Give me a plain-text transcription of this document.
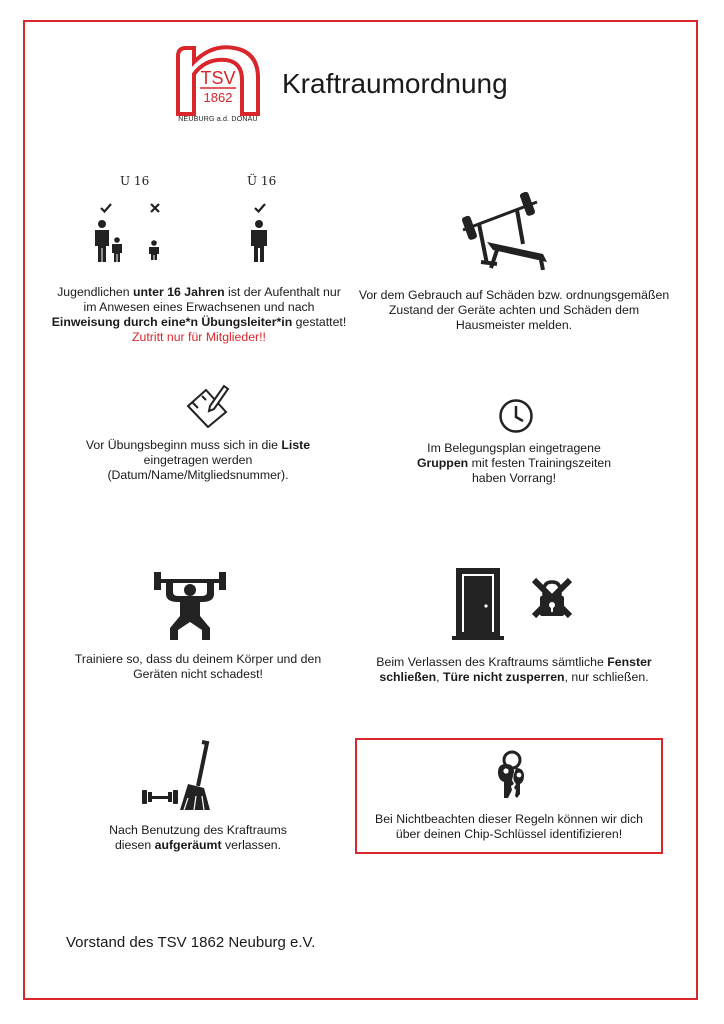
TSV
1862
NEUBURG a.d. DONAU
Kraftraumordnung
U 16	Ü 16
Jugendlichen unter 16 Jahren ist der Aufenthalt nur
im Anwesen eines Erwachsenen und nach
Einweisung durch eine*n Übungsleiter*in gestattet!
Zutritt nur für Mitglieder!!
Vor dem Gebrauch auf Schäden bzw. ordnungsgemäßen
Zustand der Geräte achten und Schäden dem
Hausmeister melden.
Vor Übungsbeginn muss sich in die Liste
eingetragen werden
(Datum/Name/Mitgliedsnummer).
Im Belegungsplan eingetragene
Gruppen mit festen Trainingszeiten
haben Vorrang!
Trainiere so, dass du deinem Körper und den
Geräten nicht schadest!
Beim Verlassen des Kraftraums sämtliche Fenster
schließen, Türe nicht zusperren, nur schließen.
Nach Benutzung des Kraftraums
diesen aufgeräumt verlassen.
Bei Nichtbeachten dieser Regeln können wir dich
über deinen Chip-Schlüssel identifizieren!
Vorstand des TSV 1862 Neuburg e.V.
